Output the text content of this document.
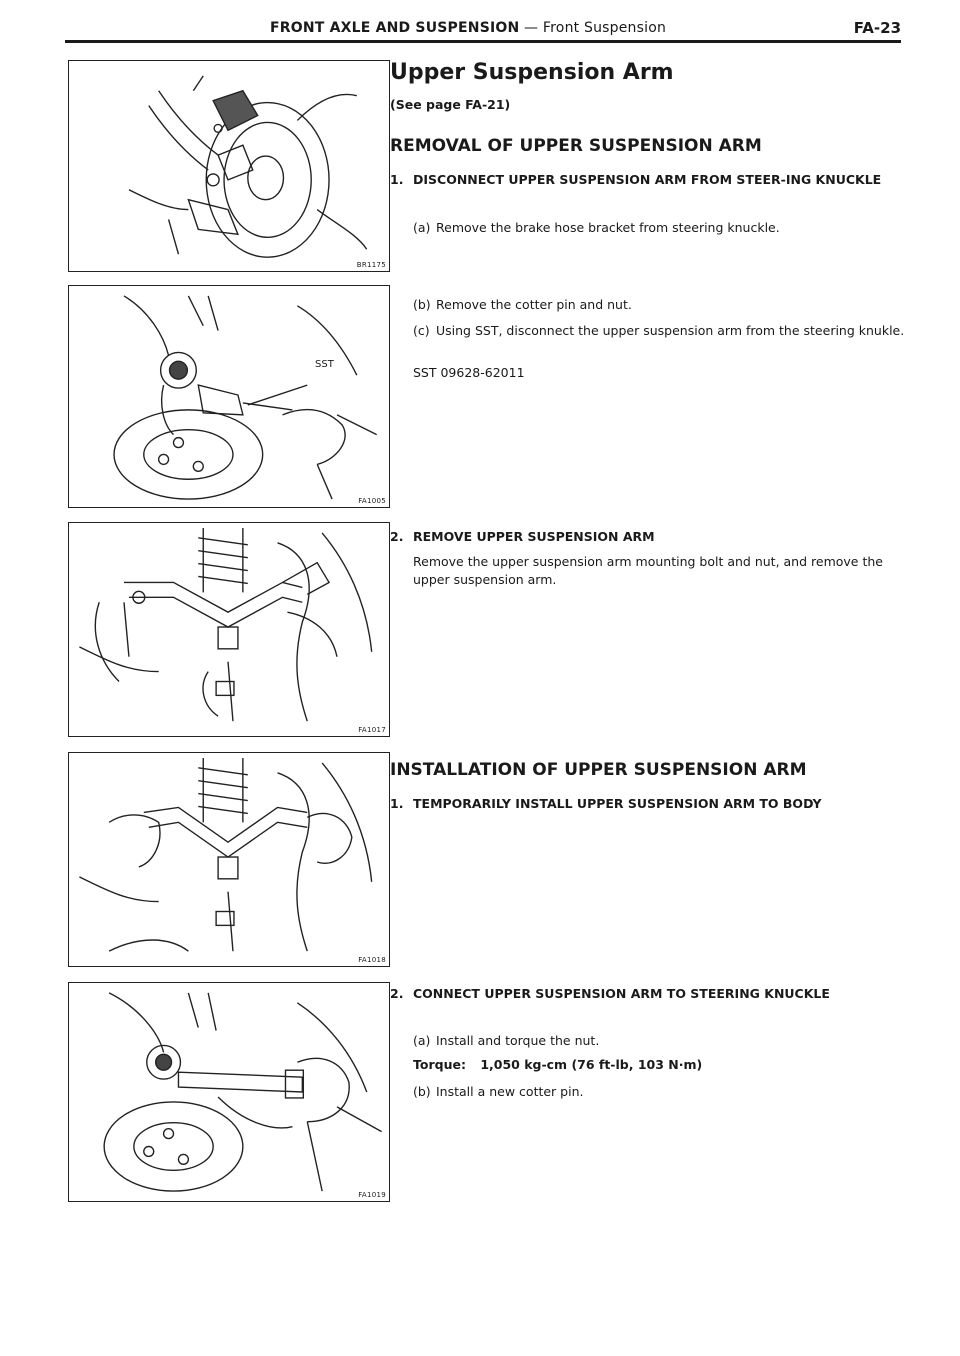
FRONT AXLE AND SUSPENSION — Front Suspension	FA-23
BR1175
SST
FA1005
FA1017
FA1018
FA1019
Upper Suspension Arm
(See page FA-21)
REMOVAL OF UPPER SUSPENSION ARM
1. DISCONNECT UPPER SUSPENSION ARM FROM STEER-ING KNUCKLE
(a) Remove the brake hose bracket from steering knuckle.
(b) Remove the cotter pin and nut.
(c) Using SST, disconnect the upper suspension arm from the steering knukle.
SST 09628-62011
2. REMOVE UPPER SUSPENSION ARM
Remove the upper suspension arm mounting bolt and nut, and remove the upper suspension arm.
INSTALLATION OF UPPER SUSPENSION ARM
1. TEMPORARILY INSTALL UPPER SUSPENSION ARM TO BODY
2. CONNECT UPPER SUSPENSION ARM TO STEERING KNUCKLE
(a) Install and torque the nut.
Torque: 1,050 kg-cm (76 ft-lb, 103 N·m)
(b) Install a new cotter pin.
